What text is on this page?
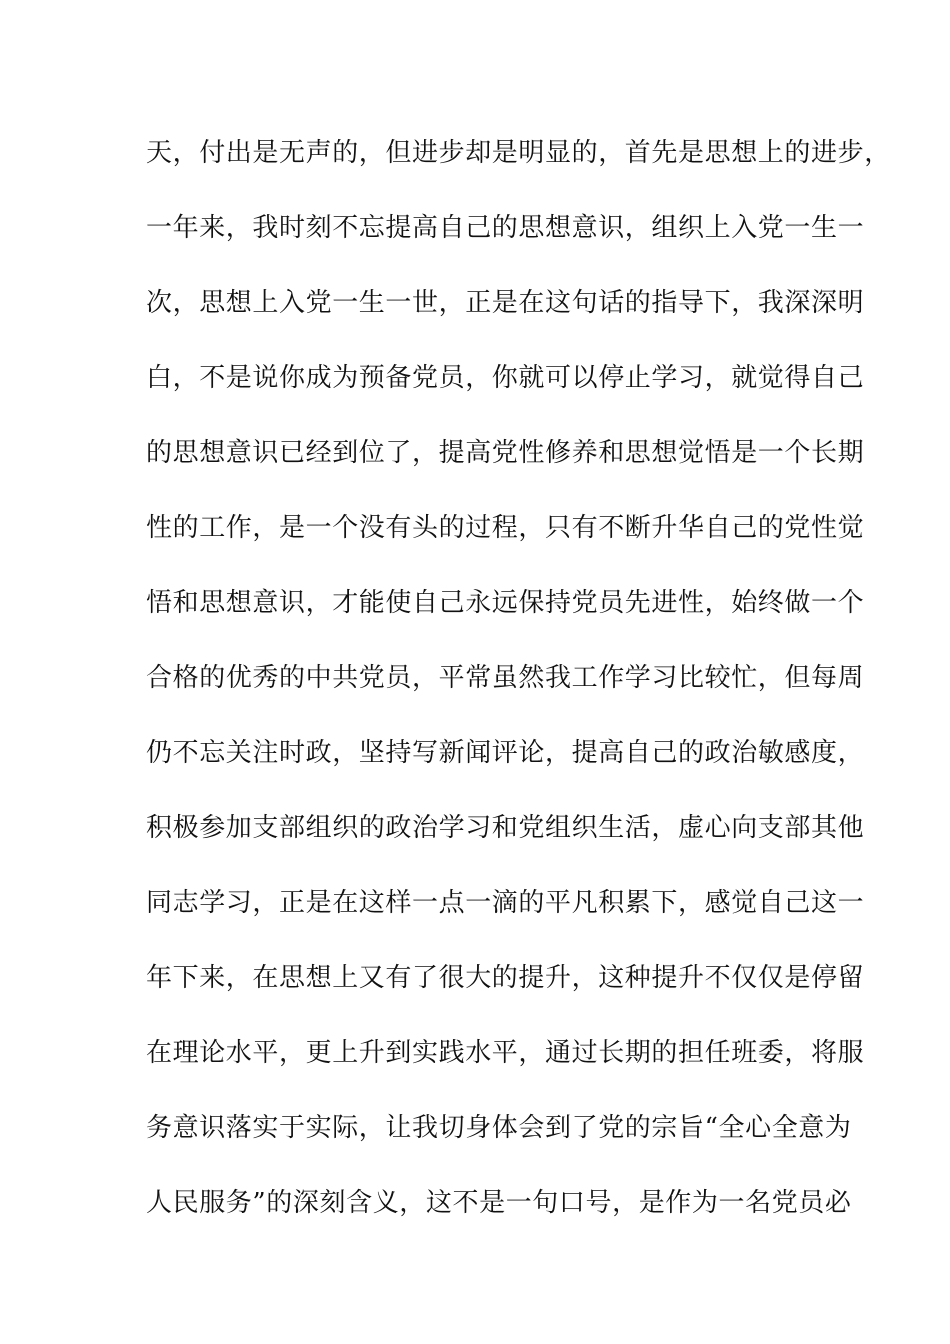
天，付出是无声的，但进步却是明显的，首先是思想上的进步，
一年来，我时刻不忘提高自己的思想意识，组织上入党一生一
次，思想上入党一生一世，正是在这句话的指导下，我深深明
白，不是说你成为预备党员，你就可以停止学习，就觉得自己
的思想意识已经到位了，提高党性修养和思想觉悟是一个长期
性的工作，是一个没有头的过程，只有不断升华自己的党性觉
悟和思想意识，才能使自己永远保持党员先进性，始终做一个
合格的优秀的中共党员，平常虽然我工作学习比较忙，但每周
仍不忘关注时政，坚持写新闻评论，提高自己的政治敏感度，
积极参加支部组织的政治学习和党组织生活，虚心向支部其他
同志学习，正是在这样一点一滴的平凡积累下，感觉自己这一
年下来，在思想上又有了很大的提升，这种提升不仅仅是停留
在理论水平，更上升到实践水平，通过长期的担任班委，将服
务意识落实于实际，让我切身体会到了党的宗旨“全心全意为
人民服务”的深刻含义，这不是一句口号，是作为一名党员必
